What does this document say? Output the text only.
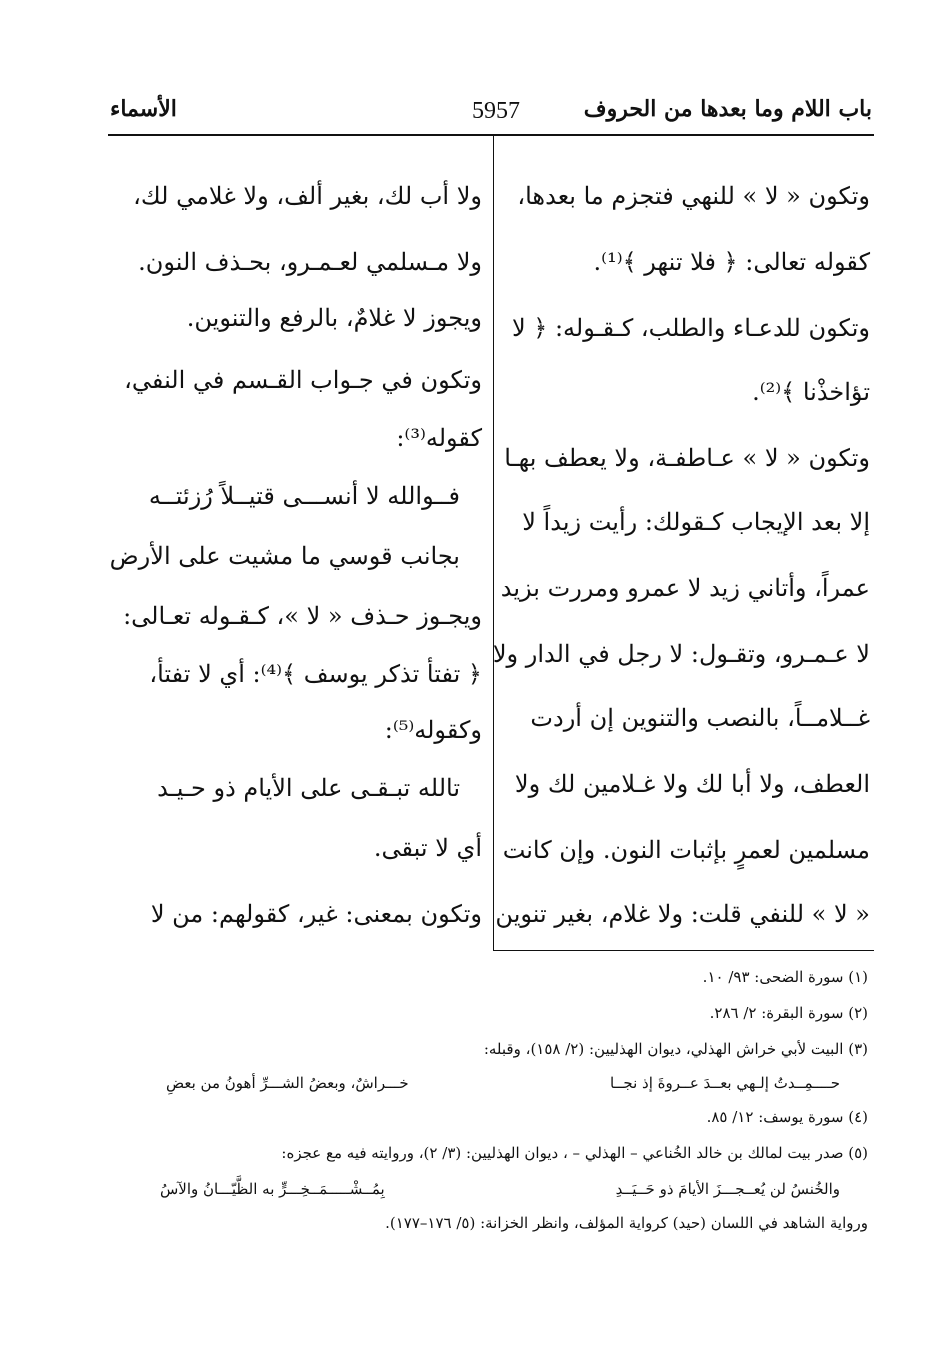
باب اللام وما بعدها من الحروف
5957
الأسماء
وتكون « لا » للنهي فتجزم ما بعدها،
كقوله تعالى: ﴿ فلا تنهر ﴾⁽¹⁾.
وتكون للدعـاء والطلب، كـقـوله: ﴿ لا
تؤاخذْنا ﴾⁽²⁾.
وتكون « لا » عـاطفـة، ولا يعطف بهـا
إلا بعد الإيجاب كـقولك: رأيت زيداً لا
عمراً، وأتاني زيد لا عمرو ومررت بزيد
لا عـمـرو، وتقـول: لا رجل في الدار ولا
غــلامــاً، بالنصب والتنوين إن أردت
العطف، ولا أبا لك ولا غـلامين لك ولا
مسلمين لعمرٍ بإثبات النون. وإن كانت
« لا » للنفي قلت: ولا غلام، بغير تنوين
ولا أب لك، بغير ألف، ولا غلامي لك،
ولا مـسلمي لعـمـرو، بحـذف النون.
ويجوز لا غلامٌ، بالرفع والتنوين.
وتكون في جـواب القـسم في النفي،
كقوله⁽³⁾:
فــوالله لا أنســـى قتيــلاً رُزئتــه
بجانب قوسي ما مشيت على الأرض
ويجـوز حـذف « لا »، كـقـوله تعـالى:
﴿ تفتأ تذكر يوسف ﴾⁽⁴⁾: أي لا تفتأ،
وكقوله⁽⁵⁾:
تالله تبـقـى على الأيام ذو حـيـد
أي لا تبقى.
وتكون بمعنى: غير، كقولهم: من لا
(١) سورة الضحى: ٩٣/ ١٠.
(٢) سورة البقرة: ٢/ ٢٨٦.
(٣) البيت لأبي خراش الهذلي، ديوان الهذليين: (٢/ ١٥٨)، وقبله:
حــــمِــدتُ إلـهي بعــدَ عــروةَ إذ نجــا
خـــراشٌ، وبعضُ الشـــرِّ أهونُ من بعضِ
(٤) سورة يوسف: ١٢/ ٨٥.
(٥) صدر بيت لمالك بن خالد الخُناعي – الهذلي – ، ديوان الهذليين: (٣/ ٢)، وروايته فيه مع عجزه:
والخُنسُ لن يُعــجـــزَ الأيامَ ذو حَــيَــدِ
بِمُــشْـــــمَــخِـــرٍّ به الظَّيّـــانُ والآسُ
ورواية الشاهد في اللسان (حيد) كرواية المؤلف، وانظر الخزانة: (٥/ ١٧٦–١٧٧).
